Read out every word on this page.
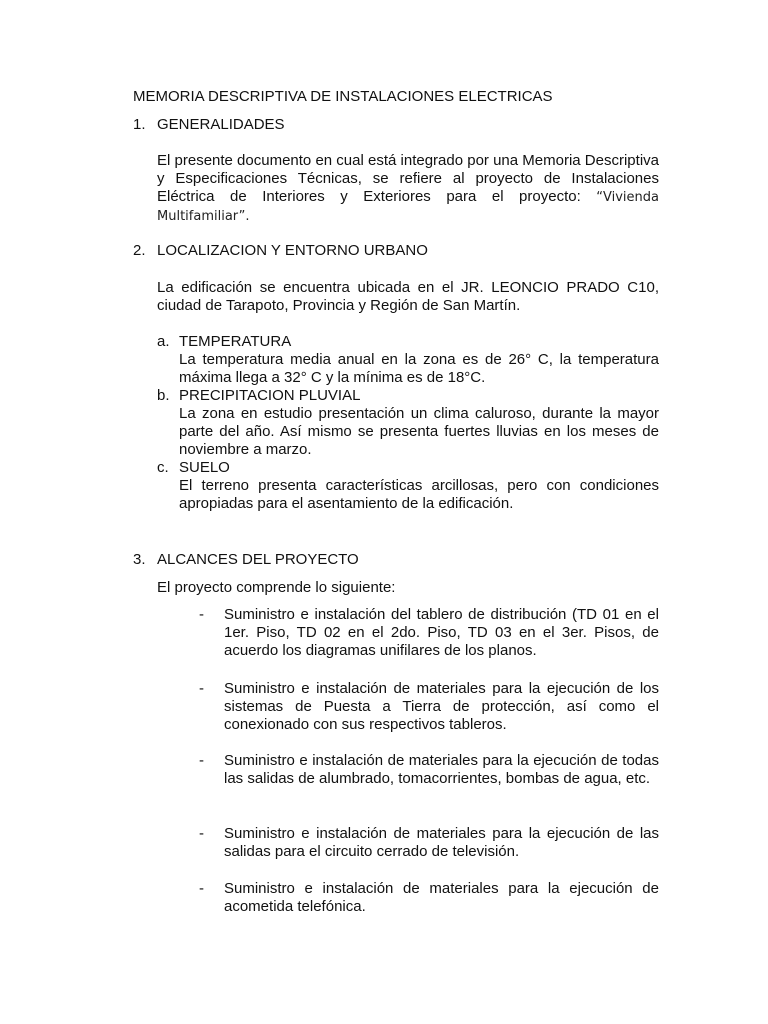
MEMORIA DESCRIPTIVA DE INSTALACIONES ELECTRICAS
1. GENERALIDADES
El presente documento en cual está integrado por una Memoria Descriptiva y Especificaciones Técnicas, se refiere al proyecto de Instalaciones Eléctrica de Interiores y Exteriores para el proyecto: “Vivienda Multifamiliar”.
2. LOCALIZACION Y ENTORNO URBANO
La edificación se encuentra ubicada en el JR. LEONCIO PRADO C10, ciudad de Tarapoto, Provincia y Región de San Martín.
a. TEMPERATURA
La temperatura media anual en la zona es de 26° C, la temperatura máxima llega a 32° C y la mínima es de 18°C.
b. PRECIPITACION PLUVIAL
La zona en estudio presentación un clima caluroso, durante la mayor parte del año. Así mismo se presenta fuertes lluvias en los meses de noviembre a marzo.
c. SUELO
El terreno presenta características arcillosas, pero con condiciones apropiadas para el asentamiento de la edificación.
3. ALCANCES DEL PROYECTO
El proyecto comprende lo siguiente:
- Suministro e instalación del tablero de distribución (TD 01 en el 1er. Piso, TD 02 en el 2do. Piso, TD 03 en el 3er. Pisos, de acuerdo los diagramas unifilares de los planos.
- Suministro e instalación de materiales para la ejecución de los sistemas de Puesta a Tierra de protección, así como el conexionado con sus respectivos tableros.
- Suministro e instalación de materiales para la ejecución de todas las salidas de alumbrado, tomacorrientes, bombas de agua, etc.
- Suministro e instalación de materiales para la ejecución de las salidas para el circuito cerrado de televisión.
- Suministro e instalación de materiales para la ejecución de acometida telefónica.
